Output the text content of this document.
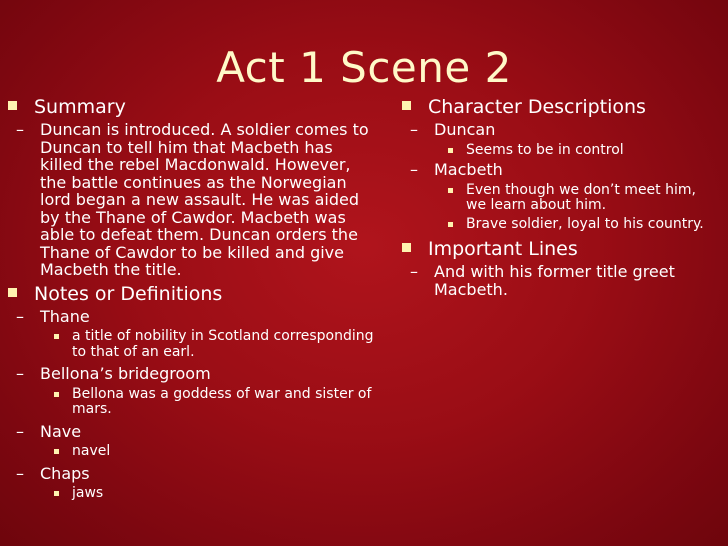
Act 1 Scene 2
Summary
– Duncan is introduced. A soldier comes to Duncan to tell him that Macbeth has killed the rebel Macdonwald. However, the battle continues as the Norwegian lord began a new assault. He was aided by the Thane of Cawdor. Macbeth was able to defeat them. Duncan orders the Thane of Cawdor to be killed and give Macbeth the title.
Notes or Definitions
– Thane
a title of nobility in Scotland corresponding to that of an earl.
– Bellona’s bridegroom
Bellona was a goddess of war and sister of mars.
– Nave
navel
– Chaps
jaws
Character Descriptions
– Duncan
Seems to be in control
– Macbeth
Even though we don’t meet him, we learn about him.
Brave soldier, loyal to his country.
Important Lines
– And with his former title greet Macbeth.
